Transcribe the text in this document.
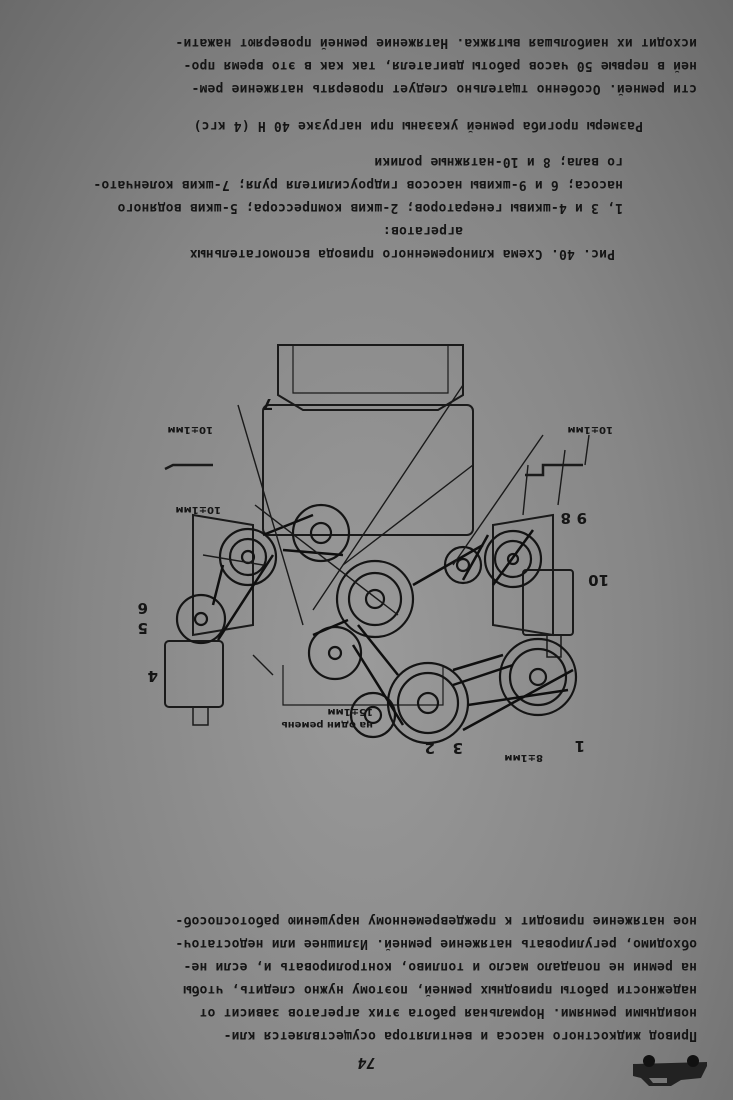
74
Привод жидкостного насоса и вентилятора осуществляется кли-
новидными ремнями. Нормальная работа этих агрегатов зависит от
надежности работы приводных ремней, поэтому нужно следить, чтобы
на ремни не попадало масло и топливо, контролировать и, если не-
обходимо, регулировать натяжение ремней. Излишнее или недостаточ-
ное натяжение приводит к преждевременному нарушению работоспособ-
1
2 3
4
5
6
7
8 9
10
8±1мм
15±1мм
на один ремень
10±1мм
10±1мм
10±1мм
Рис. 40. Схема клиноременного привода вспомогательных
агрегатов:
1, 3 и 4-шкивы генераторов; 2-шкив компрессора; 5-шкив водяного
насоса; 6 и 9-шкивы насосов гидроусилителя руля; 7-шкив коленчато-
го вала; 8 и 10-натяжные ролики
Размеры прогиба ремней указаны при нагрузке 40 Н (4 кгс)
сти ремней. Особенно тщательно следует проверять натяжение рем-
ней в первые 50 часов работы двигателя, так как в это время про-
исходит их наибольшая вытяжка. Натяжение ремней проверяют нажати-
